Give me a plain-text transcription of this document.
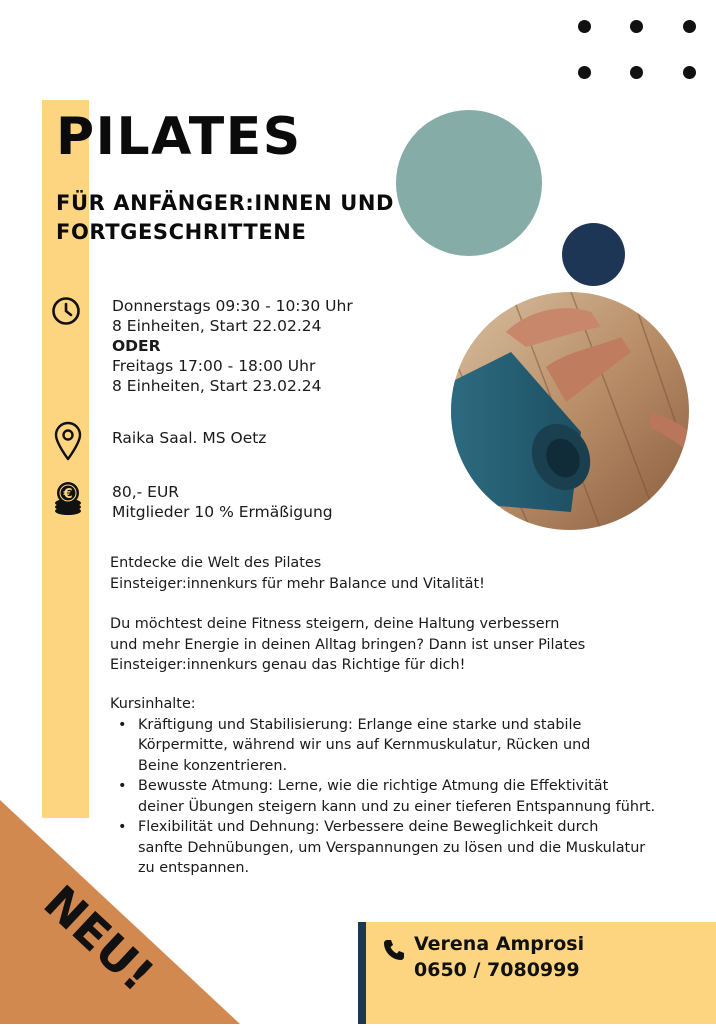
PILATES
FÜR ANFÄNGER:INNEN UND FORTGESCHRITTENE
Donnerstags 09:30 - 10:30 Uhr
8 Einheiten, Start 22.02.24
ODER
Freitags 17:00 - 18:00 Uhr
8 Einheiten, Start 23.02.24
Raika Saal. MS Oetz
€	80,- EUR
Mitglieder 10 % Ermäßigung

Entdecke die Welt des Pilates

Einsteiger:innenkurs für mehr Balance und Vitalität!

Du möchtest deine Fitness steigern, deine Haltung verbessern

und mehr Energie in deinen Alltag bringen? Dann ist unser Pilates

Einsteiger:innenkurs genau das Richtige für dich!

Kursinhalte:

• Kräftigung und Stabilisierung: Erlange eine starke und stabile
Körpermitte, während wir uns auf Kernmuskulatur, Rücken und
Beine konzentrieren.
• Bewusste Atmung: Lerne, wie die richtige Atmung die Effektivität
deiner Übungen steigern kann und zu einer tieferen Entspannung führt.
• Flexibilität und Dehnung: Verbessere deine Beweglichkeit durch
sanfte Dehnübungen, um Verspannungen zu lösen und die Muskulatur
zu entspannen.
NEU!	Verena Amprosi
0650 / 7080999
